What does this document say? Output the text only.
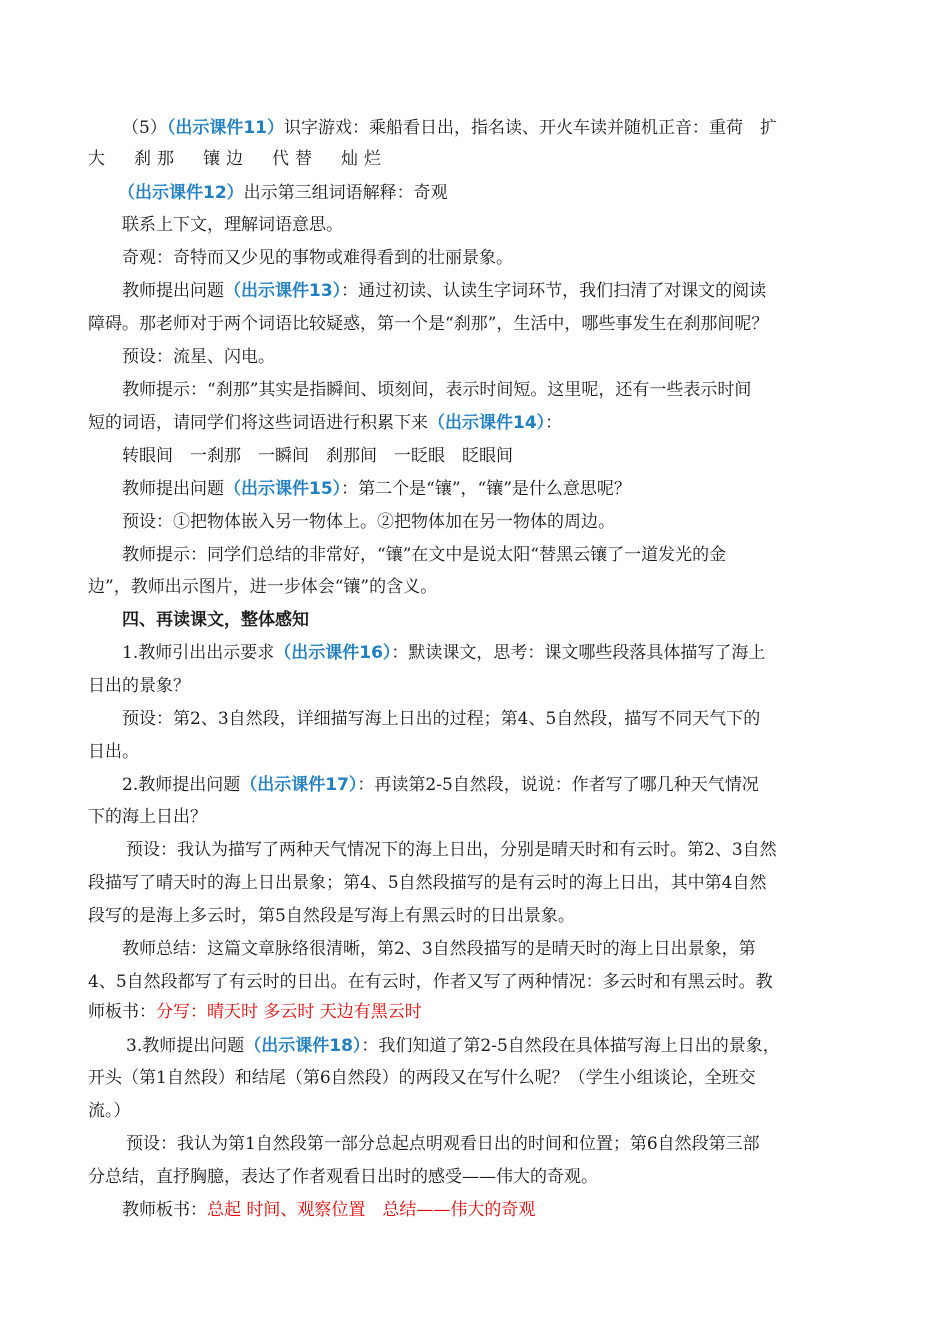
（5）（出示课件11）识字游戏：乘船看日出，指名读、开火车读并随机正音：重荷　扩
大　刹那　镶边　代替　灿烂
（出示课件12）出示第三组词语解释：奇观
联系上下文，理解词语意思。
奇观：奇特而又少见的事物或难得看到的壮丽景象。
教师提出问题（出示课件13）：通过初读、认读生字词环节，我们扫清了对课文的阅读
障碍。那老师对于两个词语比较疑惑，第一个是“刹那”，生活中，哪些事发生在刹那间呢？
预设：流星、闪电。
教师提示：“刹那”其实是指瞬间、顷刻间，表示时间短。这里呢，还有一些表示时间
短的词语，请同学们将这些词语进行积累下来（出示课件14）：
转眼间　一刹那　一瞬间　刹那间　一眨眼　眨眼间
教师提出问题（出示课件15）：第二个是“镶”，“镶”是什么意思呢？
预设：①把物体嵌入另一物体上。②把物体加在另一物体的周边。
教师提示：同学们总结的非常好，“镶”在文中是说太阳“替黑云镶了一道发光的金
边”，教师出示图片，进一步体会“镶”的含义。
四、再读课文，整体感知
1.教师引出出示要求（出示课件16）：默读课文，思考：课文哪些段落具体描写了海上
日出的景象？
预设：第2、3自然段，详细描写海上日出的过程；第4、5自然段，描写不同天气下的
日出。
2.教师提出问题（出示课件17）：再读第2-5自然段，说说：作者写了哪几种天气情况
下的海上日出？
预设：我认为描写了两种天气情况下的海上日出，分别是晴天时和有云时。第2、3自然
段描写了晴天时的海上日出景象；第4、5自然段描写的是有云时的海上日出，其中第4自然
段写的是海上多云时，第5自然段是写海上有黑云时的日出景象。
教师总结：这篇文章脉络很清晰，第2、3自然段描写的是晴天时的海上日出景象，第
4、5自然段都写了有云时的日出。在有云时，作者又写了两种情况：多云时和有黑云时。教
师板书：分写：晴天时 多云时 天边有黑云时
3.教师提出问题（出示课件18）：我们知道了第2-5自然段在具体描写海上日出的景象，
开头（第1自然段）和结尾（第6自然段）的两段又在写什么呢？（学生小组谈论，全班交
流。）
预设：我认为第1自然段第一部分总起点明观看日出的时间和位置；第6自然段第三部
分总结，直抒胸臆，表达了作者观看日出时的感受——伟大的奇观。
教师板书：总起 时间、观察位置　总结——伟大的奇观
